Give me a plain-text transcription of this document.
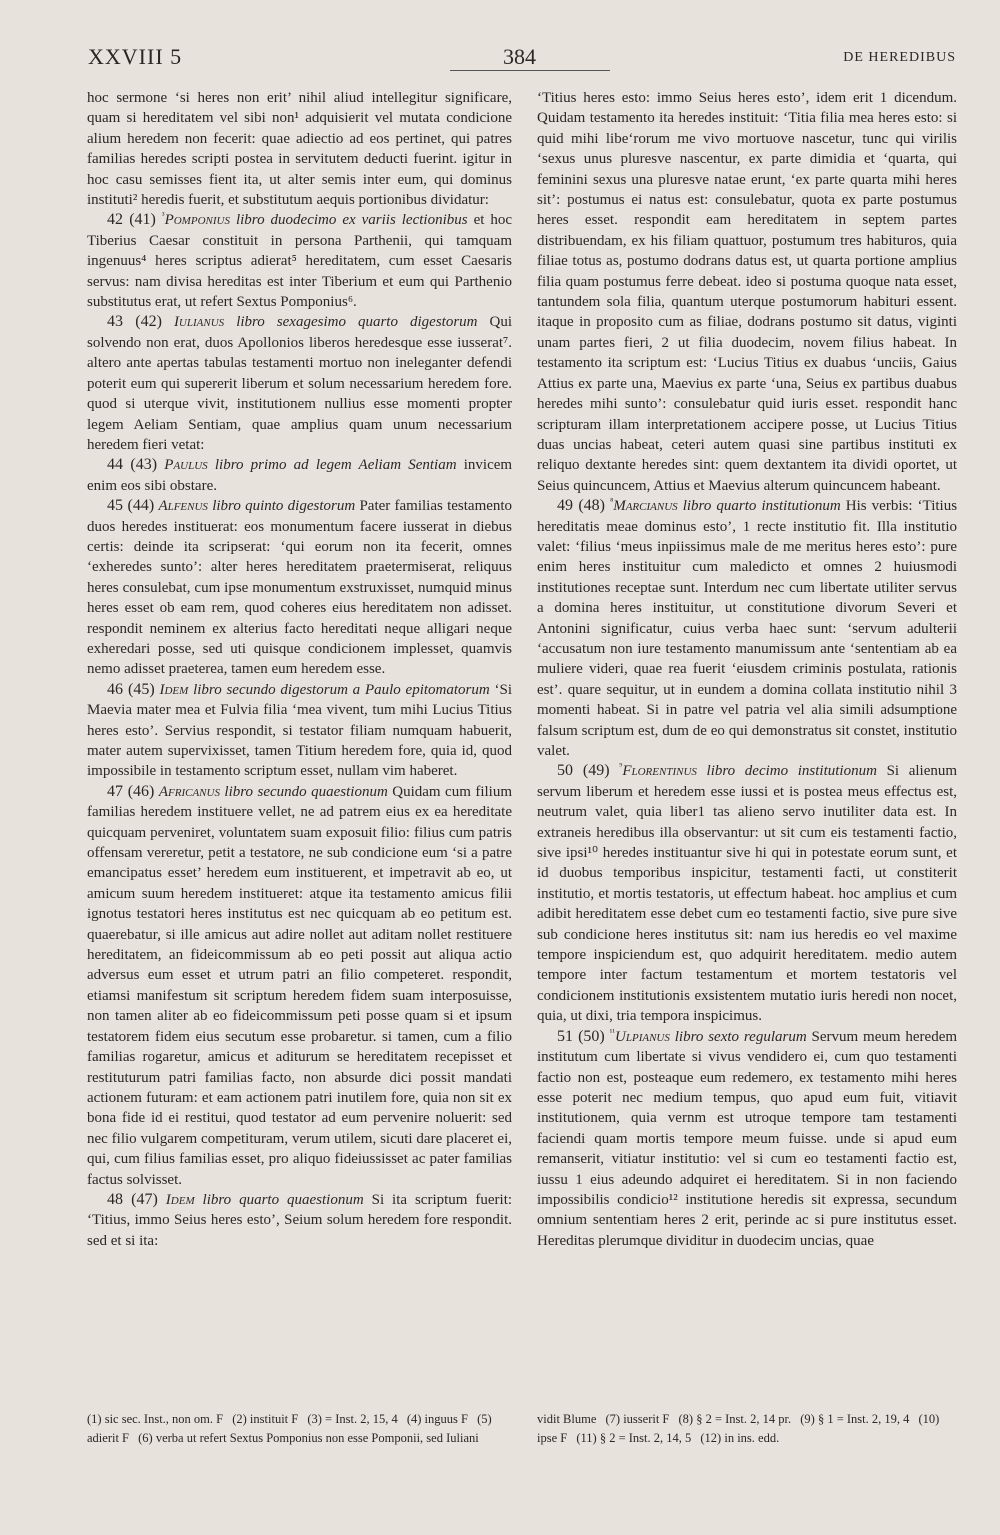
XXVIII 5	384	DE HEREDIBUS

hoc sermone ‘si heres non erit’ nihil aliud intellegitur significare, quam si hereditatem vel sibi non¹ adquisierit vel mutata condicione alium heredem non fecerit: quae adiectio ad eos pertinet, qui patres familias heredes scripti postea in servitutem deducti fuerint. igitur in hoc casu semisses fient ita, ut alter semis inter eum, qui dominus instituti² heredis fuerit, et substitutum aequis portionibus dividatur:

42 (41) $^{^3}$Pomponius libro duodecimo ex variis lectionibus et hoc Tiberius Caesar constituit in persona Parthenii, qui tamquam ingenuus⁴ heres scriptus adierat⁵ hereditatem, cum esset Caesaris servus: nam divisa hereditas est inter Tiberium et eum qui Parthenio substitutus erat, ut refert Sextus Pomponius⁶.

43 (42) Iulianus libro sexagesimo quarto digestorum Qui solvendo non erat, duos Apollonios liberos heredesque esse iusserat⁷. altero ante apertas tabulas testamenti mortuo non ineleganter defendi poterit eum qui supererit liberum et solum necessarium heredem fore. quod si uterque vivit, institutionem nullius esse momenti propter legem Aeliam Sentiam, quae amplius quam unum necessarium heredem fieri vetat:

44 (43) Paulus libro primo ad legem Aeliam Sentiam invicem enim eos sibi obstare.

45 (44) Alfenus libro quinto digestorum Pater familias testamento duos heredes instituerat: eos monumentum facere iusserat in diebus certis: deinde ita scripserat: ‘qui eorum non ita fecerit, omnes ‘exheredes sunto’: alter heres hereditatem praetermiserat, reliquus heres consulebat, cum ipse monumentum exstruxisset, numquid minus heres esset ob eam rem, quod coheres eius hereditatem non adisset. respondit neminem ex alterius facto hereditati neque alligari neque exheredari posse, sed uti quisque condicionem implesset, quamvis nemo adisset praeterea, tamen eum heredem esse.

46 (45) Idem libro secundo digestorum a Paulo epitomatorum ‘Si Maevia mater mea et Fulvia filia ‘mea vivent, tum mihi Lucius Titius heres esto’. Servius respondit, si testator filiam numquam habuerit, mater autem supervixisset, tamen Titium heredem fore, quia id, quod impossibile in testamento scriptum esset, nullam vim haberet.

47 (46) Africanus libro secundo quaestionum Quidam cum filium familias heredem instituere vellet, ne ad patrem eius ex ea hereditate quicquam perveniret, voluntatem suam exposuit filio: filius cum patris offensam vereretur, petit a testatore, ne sub condicione eum ‘si a patre emancipatus esset’ heredem eum instituerent, et impetravit ab eo, ut amicum suum heredem institueret: atque ita testamento amicus filii ignotus testatori heres institutus est nec quicquam ab eo petitum est. quaerebatur, si ille amicus aut adire nollet aut aditam nollet restituere hereditatem, an fideicommissum ab eo peti possit aut aliqua actio adversus eum esset et utrum patri an filio competeret. respondit, etiamsi manifestum sit scriptum heredem fidem suam interposuisse, non tamen aliter ab eo fideicommissum peti posse quam si et ipsum testatorem fidem eius secutum esse probaretur. si tamen, cum a filio familias rogaretur, amicus et aditurum se hereditatem recepisset et restituturum patri familias facto, non absurde dici possit mandati actionem futuram: et eam actionem patri inutilem fore, quia non sit ex bona fide id ei restitui, quod testator ad eum pervenire noluerit: sed nec filio vulgarem competituram, verum utilem, sicuti dare placeret ei, qui, cum filius familias esset, pro aliquo fideiussisset ac pater familias factus solvisset.

48 (47) Idem libro quarto quaestionum Si ita scriptum fuerit: ‘Titius, immo Seius heres esto’, Seium solum heredem fore respondit. sed et si ita:

‘Titius heres esto: immo Seius heres esto’, idem erit 1 dicendum. Quidam testamento ita heredes instituit: ‘Titia filia mea heres esto: si quid mihi libe‘rorum me vivo mortuove nascetur, tunc qui virilis ‘sexus unus pluresve nascentur, ex parte dimidia et ‘quarta, qui feminini sexus una pluresve natae erunt, ‘ex parte quarta mihi heres sit’: postumus ei natus est: consulebatur, quota ex parte postumus heres esset. respondit eam hereditatem in septem partes distribuendam, ex his filiam quattuor, postumum tres habituros, quia filiae totus as, postumo dodrans datus est, ut quarta portione amplius filia quam postumus ferre debeat. ideo si postuma quoque nata esset, tantundem sola filia, quantum uterque postumorum habituri essent. itaque in proposito cum as filiae, dodrans postumo sit datus, viginti unam partes fieri, 2 ut filia duodecim, novem filius habeat. In testamento ita scriptum est: ‘Lucius Titius ex duabus ‘unciis, Gaius Attius ex parte una, Maevius ex parte ‘una, Seius ex partibus duabus heredes mihi sunto’: consulebatur quid iuris esset. respondit hanc scripturam illam interpretationem accipere posse, ut Lucius Titius duas uncias habeat, ceteri autem quasi sine partibus instituti ex reliquo dextante heredes sint: quem dextantem ita dividi oportet, ut Seius quincuncem, Attius et Maevius alterum quincuncem habeant.

49 (48) $^{^8}$Marcianus libro quarto institutionum His verbis: ‘Titius hereditatis meae dominus esto’, 1 recte institutio fit. Illa institutio valet: ‘filius ‘meus inpiissimus male de me meritus heres esto’: pure enim heres instituitur cum maledicto et omnes 2 huiusmodi institutiones receptae sunt. Interdum nec cum libertate utiliter servus a domina heres instituitur, ut constitutione divorum Severi et Antonini significatur, cuius verba haec sunt: ‘servum adulterii ‘accusatum non iure testamento manumissum ante ‘sententiam ab ea muliere videri, quae rea fuerit ‘eiusdem criminis postulata, rationis est’. quare sequitur, ut in eundem a domina collata institutio nihil 3 momenti habeat. Si in patre vel patria vel alia simili adsumptione falsum scriptum est, dum de eo qui demonstratus sit constet, institutio valet.

50 (49) $^{^9}$Florentinus libro decimo institutionum Si alienum servum liberum et heredem esse iussi et is postea meus effectus est, neutrum valet, quia liber1 tas alieno servo inutiliter data est. In extraneis heredibus illa observantur: ut sit cum eis testamenti factio, sive ipsi¹⁰ heredes instituantur sive hi qui in potestate eorum sunt, et id duobus temporibus inspicitur, testamenti facti, ut constiterit institutio, et mortis testatoris, ut effectum habeat. hoc amplius et cum adibit hereditatem esse debet cum eo testamenti factio, sive pure sive sub condicione heres institutus sit: nam ius heredis eo vel maxime tempore inspiciendum est, quo adquirit hereditatem. medio autem tempore inter factum testamentum et mortem testatoris vel condicionem institutionis exsistentem mutatio iuris heredi non nocet, quia, ut dixi, tria tempora inspicimus.

51 (50) $^{^{11}}$Ulpianus libro sexto regularum Servum meum heredem institutum cum libertate si vivus vendidero ei, cum quo testamenti factio non est, posteaque eum redemero, ex testamento mihi heres esse poterit nec medium tempus, quo apud eum fuit, vitiavit institutionem, quia vernm est utroque tempore tam testamenti faciendi quam mortis tempore meum fuisse. unde si apud eum remanserit, vitiatur institutio: vel si cum eo testamenti factio est, iussu 1 eius adeundo adquiret ei hereditatem. Si in non faciendo impossibilis condicio¹² institutione heredis sit expressa, secundum omnium sententiam heres 2 erit, perinde ac si pure institutus esset. Hereditas plerumque dividitur in duodecim uncias, quae

(1) sic sec. Inst., non om. F (2) instituit F (3) = Inst. 2, 15, 4 (4) inguus F (5) adierit F (6) verba ut refert Sextus Pomponius non esse Pomponii, sed Iuliani
vidit Blume (7) iusserit F (8) § 2 = Inst. 2, 14 pr. (9) § 1 = Inst. 2, 19, 4 (10) ipse F (11) § 2 = Inst. 2, 14, 5 (12) in ins. edd.
